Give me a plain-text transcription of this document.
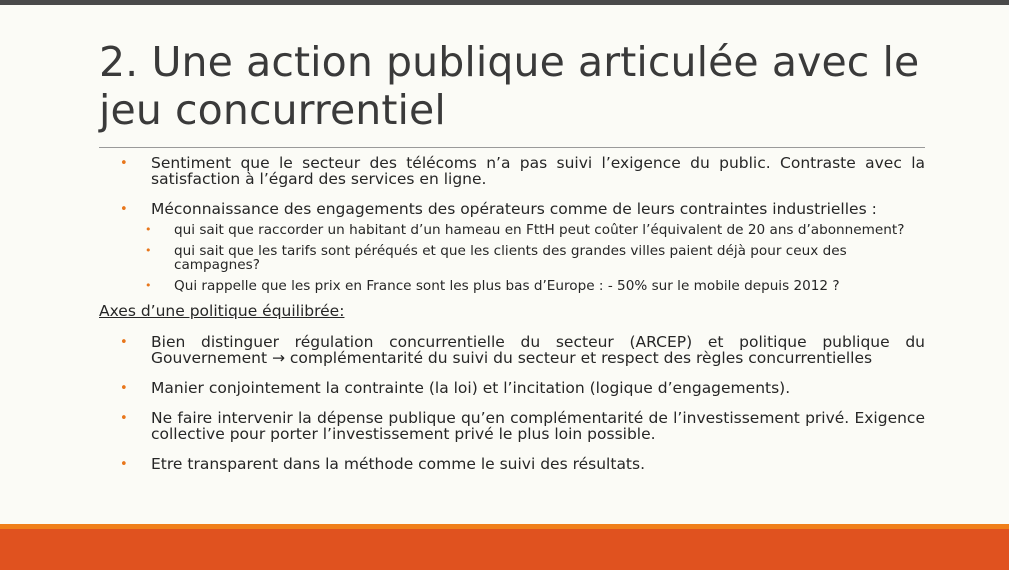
2. Une action publique articulée avec le jeu concurrentiel
• Sentiment que le secteur des télécoms n’a pas suivi l’exigence du public. Contraste avec la satisfaction à l’égard des services en ligne.
• Méconnaissance des engagements des opérateurs comme de leurs contraintes industrielles :
• qui sait que raccorder un habitant d’un hameau en FttH peut coûter l’équivalent de 20 ans d’abonnement?
• qui sait que les tarifs sont péréqués et que les clients des grandes villes paient déjà pour ceux des campagnes?
• Qui rappelle que les prix en France sont les plus bas d’Europe : - 50% sur le mobile depuis 2012 ?
Axes d’une politique équilibrée:
• Bien distinguer régulation concurrentielle du secteur (ARCEP) et politique publique du Gouvernement → complémentarité du suivi du secteur et respect des règles concurrentielles
• Manier conjointement la contrainte (la loi) et l’incitation (logique d’engagements).
• Ne faire intervenir la dépense publique qu’en complémentarité de l’investissement privé. Exigence collective pour porter l’investissement privé le plus loin possible.
• Etre transparent dans la méthode comme le suivi des résultats.
